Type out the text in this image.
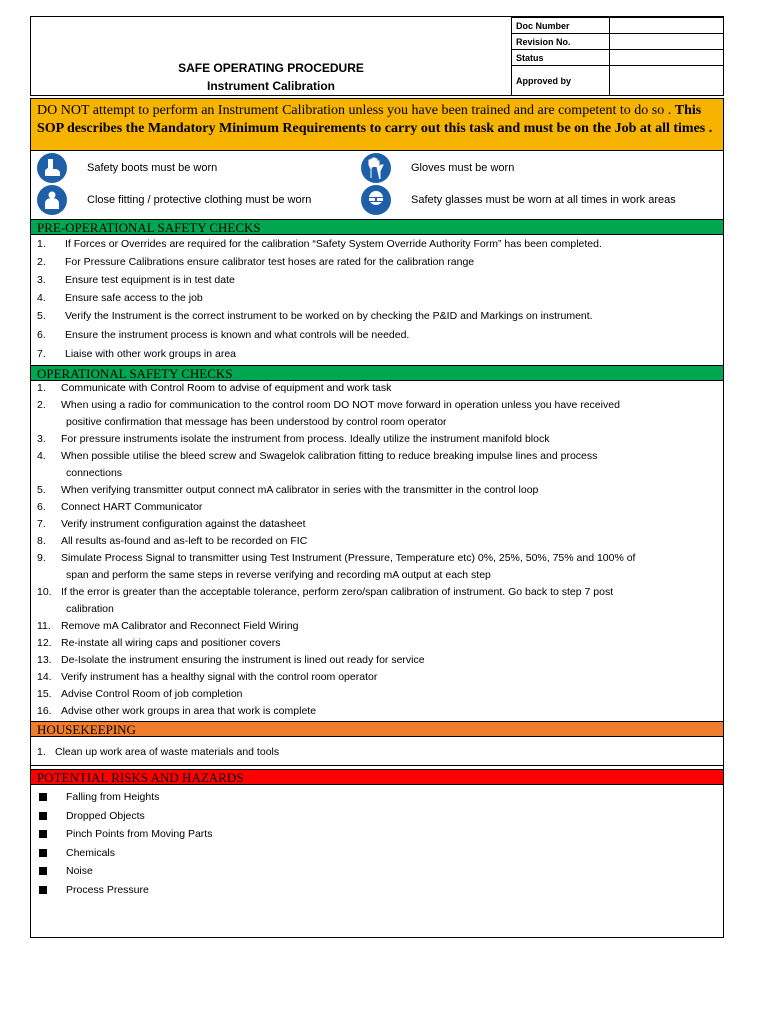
SAFE OPERATING PROCEDURE
Instrument Calibration
Doc Number	
Revision No.	
Status	
Approved by	
DO NOT attempt to perform an Instrument Calibration unless you have been trained and are competent to do so . This SOP describes the Mandatory Minimum Requirements to carry out this task and must be on the Job at all times .
Safety boots must be worn	Gloves must be worn
Close fitting / protective clothing must be worn	Safety glasses must be worn at all times in work areas
PRE-OPERATIONAL SAFETY CHECKS
1. If Forces or Overrides are required for the calibration “Safety System Override Authority Form” has been completed.
2. For Pressure Calibrations ensure calibrator test hoses are rated for the calibration range
3. Ensure test equipment is in test date
4. Ensure safe access to the job
5. Verify the Instrument is the correct instrument to be worked on by checking the P&ID and Markings on instrument.
6. Ensure the instrument process is known and what controls will be needed.
7. Liaise with other work groups in area
OPERATIONAL SAFETY CHECKS
1. Communicate with Control Room to advise of equipment and work task
2. When using a radio for communication to the control room DO NOT move forward in operation unless you have received
positive confirmation that message has been understood by control room operator
3. For pressure instruments isolate the instrument from process. Ideally utilize the instrument manifold block
4. When possible utilise the bleed screw and Swagelok calibration fitting to reduce breaking impulse lines and process
connections
5. When verifying transmitter output connect mA calibrator in series with the transmitter in the control loop
6. Connect HART Communicator
7. Verify instrument configuration against the datasheet
8. All results as-found and as-left to be recorded on FIC
9. Simulate Process Signal to transmitter using Test Instrument (Pressure, Temperature etc) 0%, 25%, 50%, 75% and 100% of
span and perform the same steps in reverse verifying and recording mA output at each step
10. If the error is greater than the acceptable tolerance, perform zero/span calibration of instrument. Go back to step 7 post
calibration
11. Remove mA Calibrator and Reconnect Field Wiring
12. Re-instate all wiring caps and positioner covers
13. De-Isolate the instrument ensuring the instrument is lined out ready for service
14. Verify instrument has a healthy signal with the control room operator
15. Advise Control Room of job completion
16. Advise other work groups in area that work is complete
HOUSEKEEPING
1. Clean up work area of waste materials and tools
POTENTIAL RISKS AND HAZARDS
Falling from Heights
Dropped Objects
Pinch Points from Moving Parts
Chemicals
Noise
Process Pressure
